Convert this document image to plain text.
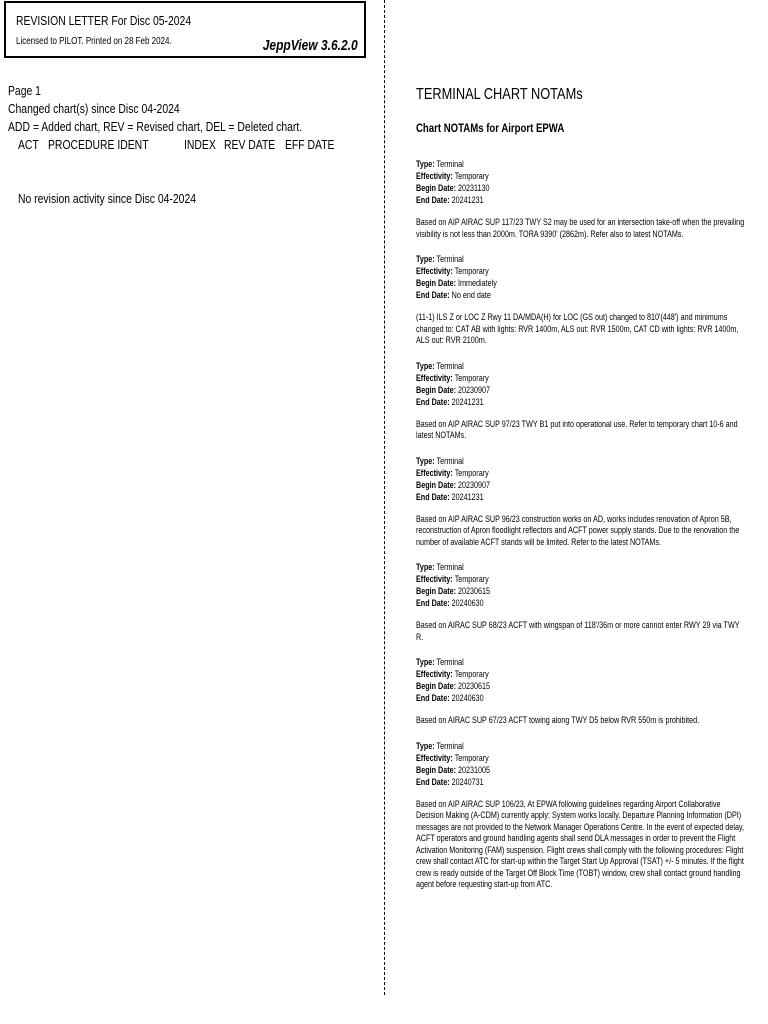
REVISION LETTER For Disc 05-2024
Licensed to PILOT. Printed on 28 Feb 2024.	JeppView 3.6.2.0
Page 1
Changed chart(s) since Disc 04-2024
ADD = Added chart, REV = Revised chart, DEL = Deleted chart.
ACT PROCEDURE IDENT	INDEX REV DATE EFF DATE
No revision activity since Disc 04-2024
TERMINAL CHART NOTAMs
Chart NOTAMs for Airport EPWA
Type: Terminal
Effectivity: Temporary
Begin Date: 20231130
End Date: 20241231
Based on AIP AIRAC SUP 117/23 TWY S2 may be used for an intersection take-off when the prevailing visibility is not less than 2000m. TORA 9390' (2862m). Refer also to latest NOTAMs.
Type: Terminal
Effectivity: Temporary
Begin Date: Immediately
End Date: No end date
(11-1) ILS Z or LOC Z Rwy 11 DA/MDA(H) for LOC (GS out) changed to 810'(448') and minimums changed to: CAT AB with lights: RVR 1400m, ALS out: RVR 1500m, CAT CD with lights: RVR 1400m, ALS out: RVR 2100m.
Type: Terminal
Effectivity: Temporary
Begin Date: 20230907
End Date: 20241231
Based on AIP AIRAC SUP 97/23 TWY B1 put into operational use. Refer to temporary chart 10-6 and latest NOTAMs.
Type: Terminal
Effectivity: Temporary
Begin Date: 20230907
End Date: 20241231
Based on AIP AIRAC SUP 96/23 construction works on AD, works includes renovation of Apron 5B, reconstruction of Apron floodlight reflectors and ACFT power supply stands. Due to the renovation the number of available ACFT stands will be limited. Refer to the latest NOTAMs.
Type: Terminal
Effectivity: Temporary
Begin Date: 20230615
End Date: 20240630
Based on AIRAC SUP 68/23 ACFT with wingspan of 118'/36m or more cannot enter RWY 29 via TWY R.
Type: Terminal
Effectivity: Temporary
Begin Date: 20230615
End Date: 20240630
Based on AIRAC SUP 67/23 ACFT towing along TWY D5 below RVR 550m is prohibited.
Type: Terminal
Effectivity: Temporary
Begin Date: 20231005
End Date: 20240731
Based on AIP AIRAC SUP 106/23, At EPWA following guidelines regarding Airport Collaborative Decision Making (A-CDM) currently apply: System works locally. Departure Planning Information (DPI) messages are not provided to the Network Manager Operations Centre. In the event of expected delay, ACFT operators and ground handling agents shall send DLA messages in order to prevent the Flight Activation Monitoring (FAM) suspension. Flight crews shall comply with the following procedures: Flight crew shall contact ATC for start-up within the Target Start Up Approval (TSAT) +/- 5 minutes. If the flight crew is ready outside of the Target Off Block Time (TOBT) window, crew shall contact ground handling agent before requesting start-up from ATC.
